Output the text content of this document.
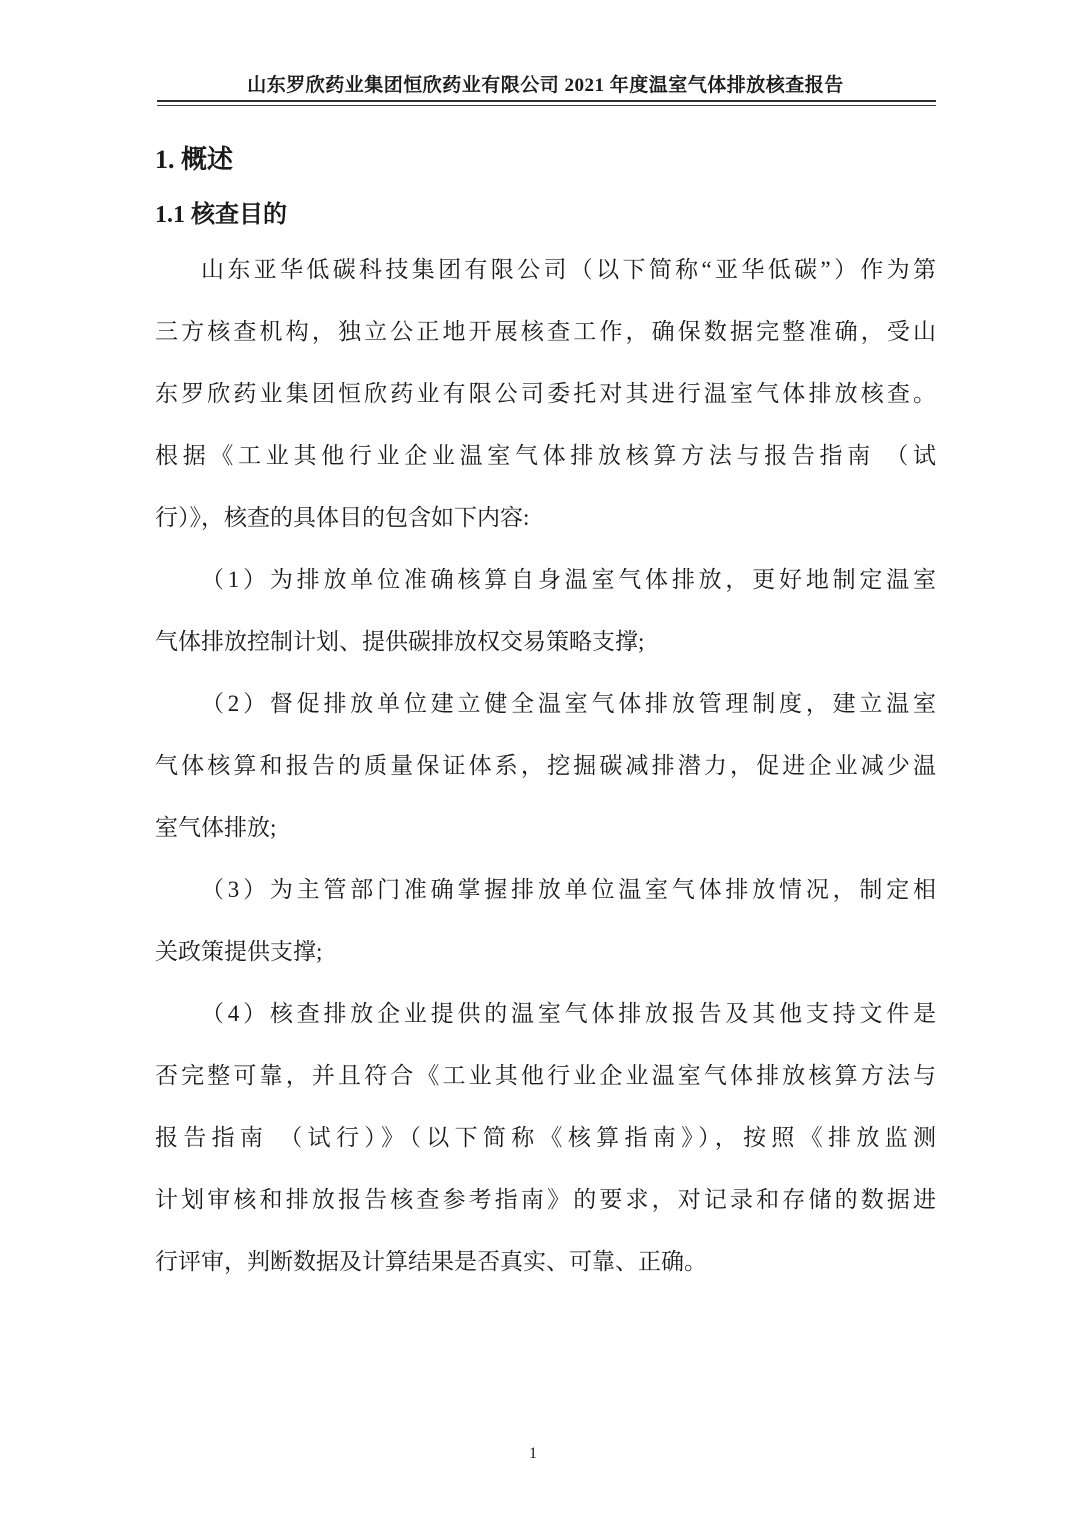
山东罗欣药业集团恒欣药业有限公司 2021 年度温室气体排放核查报告
1. 概述
1.1 核查目的
山东亚华低碳科技集团有限公司（以下简称“亚华低碳”）作为第
三方核查机构，独立公正地开展核查工作，确保数据完整准确，受山
东罗欣药业集团恒欣药业有限公司委托对其进行温室气体排放核查。
根据《工业其他行业企业温室气体排放核算方法与报告指南 （试
行）》，核查的具体目的包含如下内容:
（1）为排放单位准确核算自身温室气体排放，更好地制定温室
气体排放控制计划、提供碳排放权交易策略支撑;
（2）督促排放单位建立健全温室气体排放管理制度，建立温室
气体核算和报告的质量保证体系，挖掘碳减排潜力，促进企业减少温
室气体排放;
（3）为主管部门准确掌握排放单位温室气体排放情况，制定相
关政策提供支撑;
（4）核查排放企业提供的温室气体排放报告及其他支持文件是
否完整可靠，并且符合《工业其他行业企业温室气体排放核算方法与
报告指南 （试行）》（以下简称《核算指南》），按照《排放监测
计划审核和排放报告核查参考指南》的要求，对记录和存储的数据进
行评审，判断数据及计算结果是否真实、可靠、正确。
1
